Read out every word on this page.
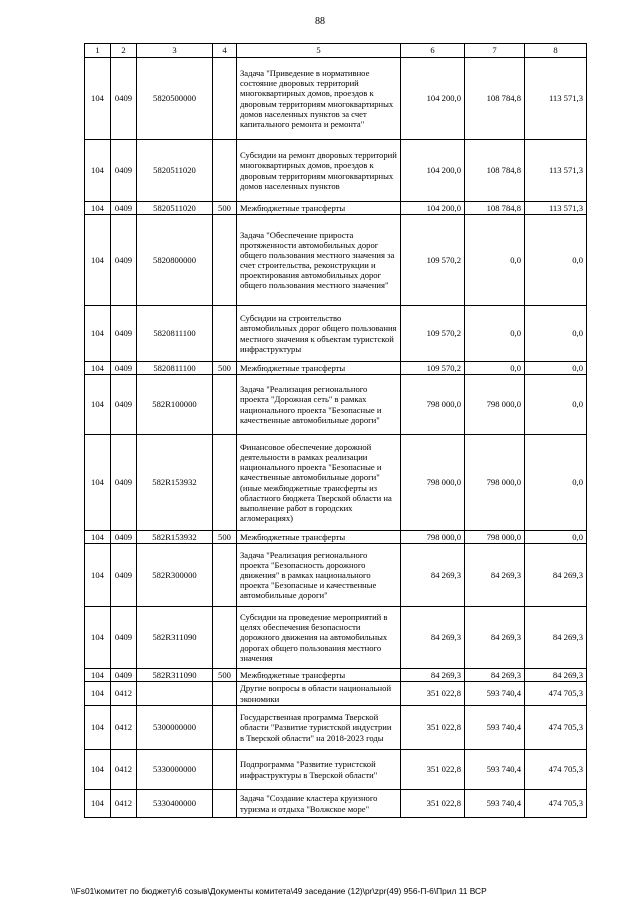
88
1	2	3	4	5	6	7	8
104	0409	5820500000		Задача "Приведение в нормативное состояние дворовых территорий многоквартирных домов, проездов к дворовым территориям многоквартирных домов населенных пунктов за счет капитального ремонта и ремонта"	104 200,0	108 784,8	113 571,3
104	0409	5820511020		Субсидии на ремонт дворовых территорий многоквартирных домов, проездов к дворовым территориям многоквартирных домов населенных пунктов	104 200,0	108 784,8	113 571,3
104	0409	5820511020	500	Межбюджетные трансферты	104 200,0	108 784,8	113 571,3
104	0409	5820800000		Задача "Обеспечение прироста протяженности автомобильных дорог общего пользования местного значения за счет строительства, реконструкции и проектирования автомобильных дорог общего пользования местного значения"	109 570,2	0,0	0,0
104	0409	5820811100		Субсидии на строительство автомобильных дорог общего пользования местного значения к объектам туристской инфраструктуры	109 570,2	0,0	0,0
104	0409	5820811100	500	Межбюджетные трансферты	109 570,2	0,0	0,0
104	0409	582R100000		Задача "Реализация регионального проекта "Дорожная сеть" в рамках национального проекта "Безопасные и качественные автомобильные дороги"	798 000,0	798 000,0	0,0
104	0409	582R153932		Финансовое обеспечение дорожной деятельности в рамках реализации национального проекта "Безопасные и качественные автомобильные дороги" (иные межбюджетные трансферты из областного бюджета Тверской области на выполнение работ в городских агломерациях)	798 000,0	798 000,0	0,0
104	0409	582R153932	500	Межбюджетные трансферты	798 000,0	798 000,0	0,0
104	0409	582R300000		Задача "Реализация регионального проекта "Безопасность дорожного движения" в рамках национального проекта "Безопасные и качественные автомобильные дороги"	84 269,3	84 269,3	84 269,3
104	0409	582R311090		Субсидии на проведение мероприятий в целях обеспечения безопасности дорожного движения на автомобильных дорогах общего пользования местного значения	84 269,3	84 269,3	84 269,3
104	0409	582R311090	500	Межбюджетные трансферты	84 269,3	84 269,3	84 269,3
104	0412			Другие вопросы в области национальной экономики	351 022,8	593 740,4	474 705,3
104	0412	5300000000		Государственная программа Тверской области "Развитие туристской индустрии в Тверской области" на 2018-2023 годы	351 022,8	593 740,4	474 705,3
104	0412	5330000000		Подпрограмма "Развитие туристской инфраструктуры в Тверской области"	351 022,8	593 740,4	474 705,3
104	0412	5330400000		Задача "Создание кластера круизного туризма и отдыха "Волжское море"	351 022,8	593 740,4	474 705,3
\\Fs01\комитет по бюджету\6 созыв\Документы комитета\49 заседание (12)\pr\zpr(49) 956-П-6\Прил 11 ВСР
